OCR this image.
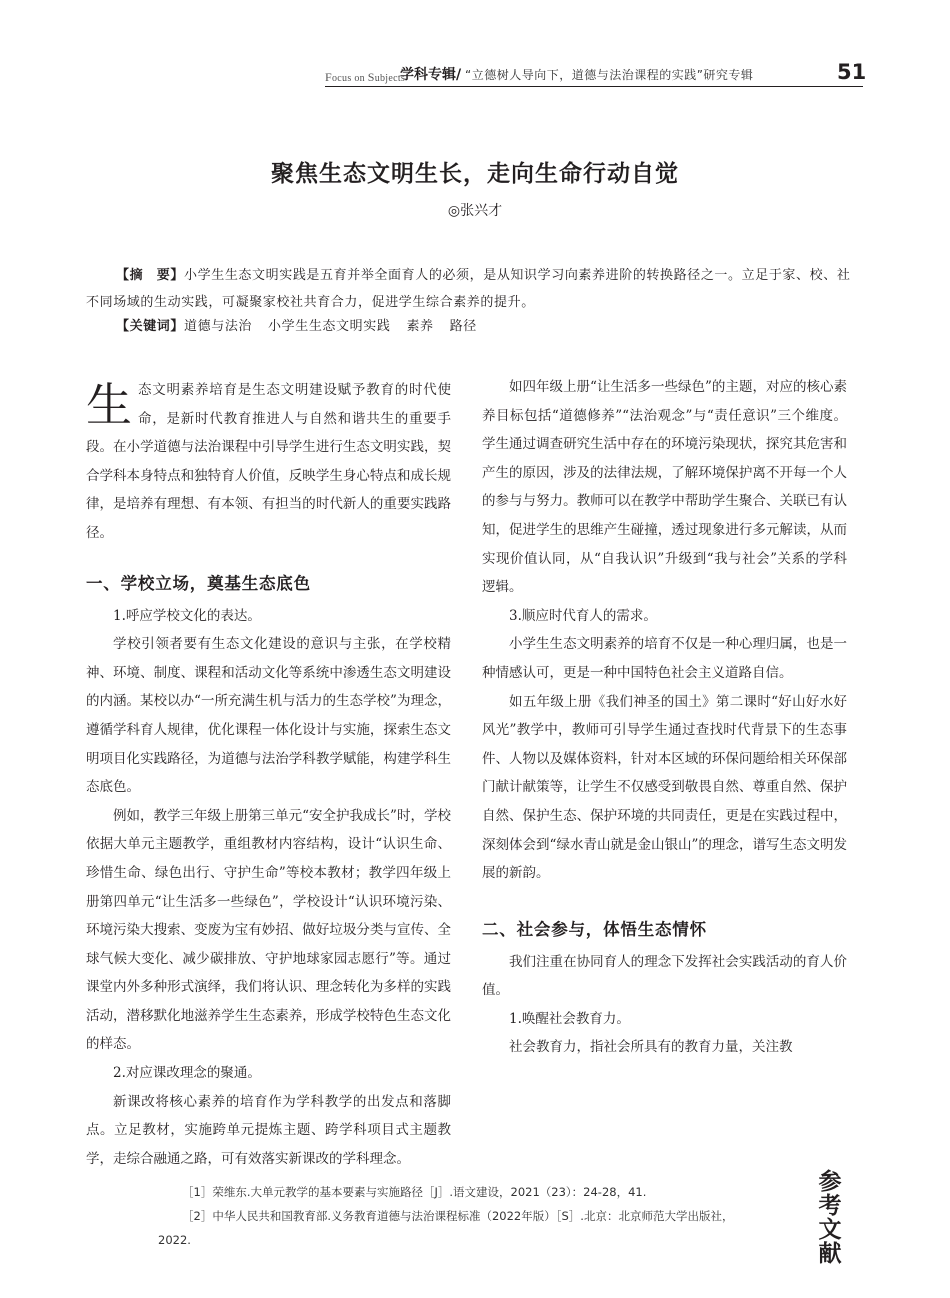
Focus on Subjects
学科专辑/ “立德树人导向下，道德与法治课程的实践”研究专辑	51
聚焦生态文明生长，走向生命行动自觉
◎张兴才
【摘　要】小学生生态文明实践是五育并举全面育人的必须，是从知识学习向素养进阶的转换路径之一。立足于家、校、社不同场域的生动实践，可凝聚家校社共育合力，促进学生综合素养的提升。
【关键词】道德与法治 小学生生态文明实践 素养 路径

生态文明素养培育是生态文明建设赋予教育的时代使命，是新时代教育推进人与自然和谐共生的重要手段。在小学道德与法治课程中引导学生进行生态文明实践，契合学科本身特点和独特育人价值，反映学生身心特点和成长规律，是培养有理想、有本领、有担当的时代新人的重要实践路径。

一、学校立场，奠基生态底色

1.呼应学校文化的表达。

学校引领者要有生态文化建设的意识与主张，在学校精神、环境、制度、课程和活动文化等系统中渗透生态文明建设的内涵。某校以办“一所充满生机与活力的生态学校”为理念，遵循学科育人规律，优化课程一体化设计与实施，探索生态文明项目化实践路径，为道德与法治学科教学赋能，构建学科生态底色。

例如，教学三年级上册第三单元“安全护我成长”时，学校依据大单元主题教学，重组教材内容结构，设计“认识生命、珍惜生命、绿色出行、守护生命”等校本教材；教学四年级上册第四单元“让生活多一些绿色”，学校设计“认识环境污染、环境污染大搜索、变废为宝有妙招、做好垃圾分类与宣传、全球气候大变化、减少碳排放、守护地球家园志愿行”等。通过课堂内外多种形式演绎，我们将认识、理念转化为多样的实践活动，潜移默化地滋养学生生态素养，形成学校特色生态文化的样态。

2.对应课改理念的聚通。

新课改将核心素养的培育作为学科教学的出发点和落脚点。立足教材，实施跨单元提炼主题、跨学科项目式主题教学，走综合融通之路，可有效落实新课改的学科理念。

如四年级上册“让生活多一些绿色”的主题，对应的核心素养目标包括“道德修养”“法治观念”与“责任意识”三个维度。学生通过调查研究生活中存在的环境污染现状，探究其危害和产生的原因，涉及的法律法规，了解环境保护离不开每一个人的参与与努力。教师可以在教学中帮助学生聚合、关联已有认知，促进学生的思维产生碰撞，透过现象进行多元解读，从而实现价值认同，从“自我认识”升级到“我与社会”关系的学科逻辑。

3.顺应时代育人的需求。

小学生生态文明素养的培育不仅是一种心理归属，也是一种情感认可，更是一种中国特色社会主义道路自信。

如五年级上册《我们神圣的国土》第二课时“好山好水好风光”教学中，教师可引导学生通过查找时代背景下的生态事件、人物以及媒体资料，针对本区域的环保问题给相关环保部门献计献策等，让学生不仅感受到敬畏自然、尊重自然、保护自然、保护生态、保护环境的共同责任，更是在实践过程中，深刻体会到“绿水青山就是金山银山”的理念，谱写生态文明发展的新韵。

二、社会参与，体悟生态情怀

我们注重在协同育人的理念下发挥社会实践活动的育人价值。

1.唤醒社会教育力。

社会教育力，指社会所具有的教育力量，关注教

［1］荣维东.大单元教学的基本要素与实施路径［J］.语文建设，2021（23）：24-28，41.
［2］中华人民共和国教育部.义务教育道德与法治课程标准（2022年版）［S］.北京：北京师范大学出版社，
2022.
参
考
文
献
